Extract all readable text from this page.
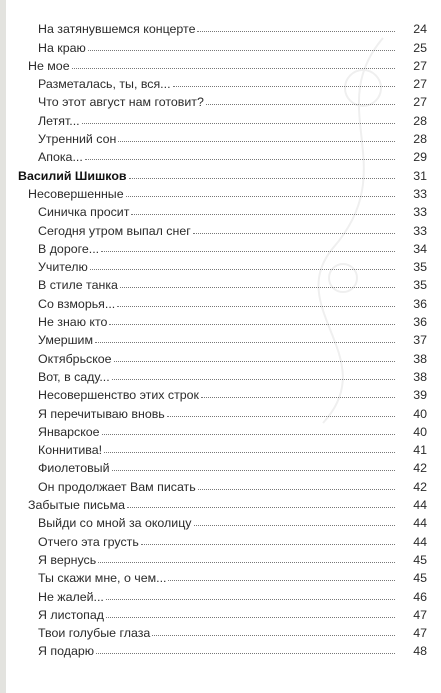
На затянувшемся концерте	24
На краю	25
Не мое	27
Разметалась, ты, вся...	27
Что этот август нам готовит?	27
Летят...	28
Утренний сон	28
Апока...	29
Василий Шишков	31
Несовершенные	33
Синичка просит	33
Сегодня утром выпал снег	33
В дороге...	34
Учителю	35
В стиле танка	35
Со взморья...	36
Не знаю кто	36
Умершим	37
Октябрьское	38
Вот, в саду...	38
Несовершенство этих строк	39
Я перечитываю вновь	40
Январское	40
Коннитива!	41
Фиолетовый	42
Он продолжает Вам писать	42
Забытые письма	44
Выйди со мной за околицу	44
Отчего эта грусть	44
Я вернусь	45
Ты скажи мне, о чем...	45
Не жалей...	46
Я листопад	47
Твои голубые глаза	47
Я подарю	48
